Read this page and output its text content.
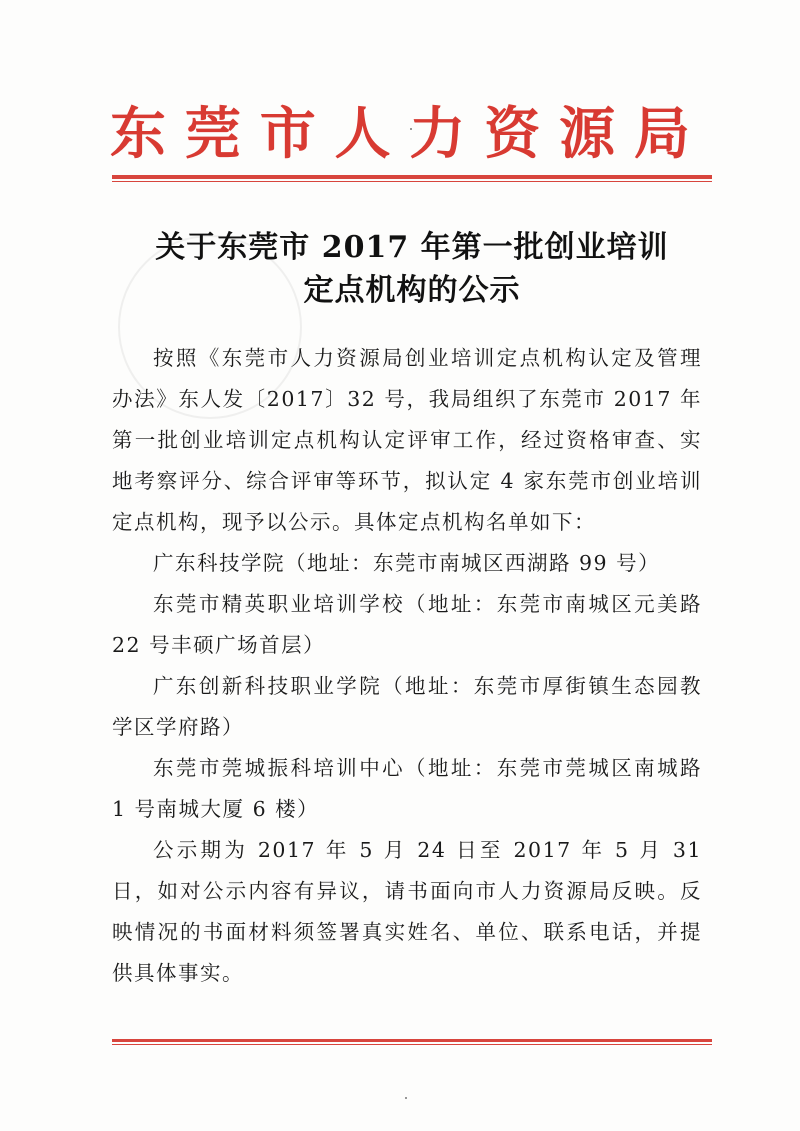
东 莞 市 人 力 资 源 局
关于东莞市 2017 年第一批创业培训
定点机构的公示

按照《东莞市人力资源局创业培训定点机构认定及管理办法》东人发〔2017〕32 号，我局组织了东莞市 2017 年第一批创业培训定点机构认定评审工作，经过资格审查、实地考察评分、综合评审等环节，拟认定 4 家东莞市创业培训定点机构，现予以公示。具体定点机构名单如下：

广东科技学院（地址：东莞市南城区西湖路 99 号）

东莞市精英职业培训学校（地址：东莞市南城区元美路 22 号丰硕广场首层）

广东创新科技职业学院（地址：东莞市厚街镇生态园教学区学府路）

东莞市莞城振科培训中心（地址：东莞市莞城区南城路 1 号南城大厦 6 楼）

公示期为 2017 年 5 月 24 日至 2017 年 5 月 31 日，如对公示内容有异议，请书面向市人力资源局反映。反映情况的书面材料须签署真实姓名、单位、联系电话，并提供具体事实。
